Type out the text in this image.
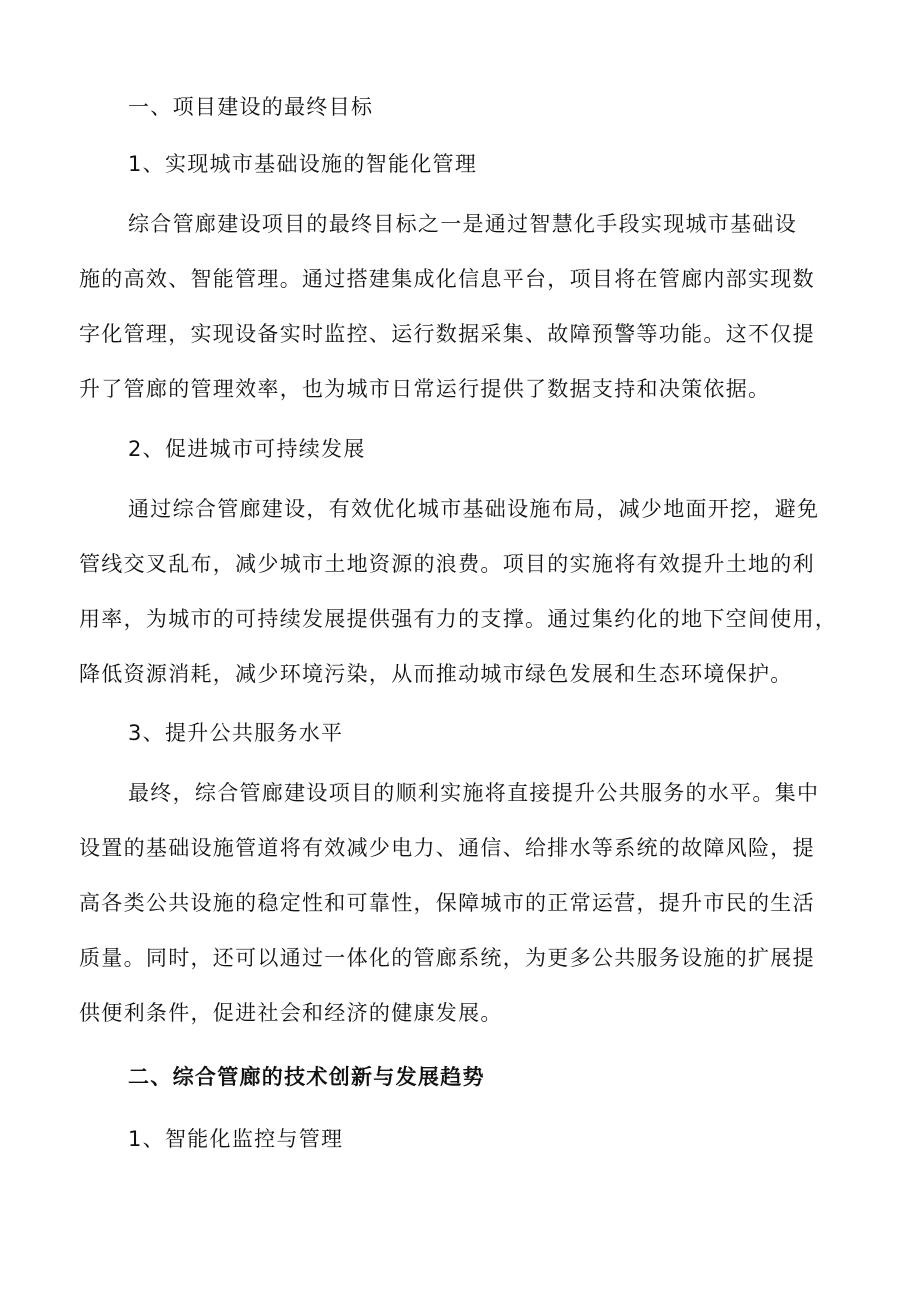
一、项目建设的最终目标
1、实现城市基础设施的智能化管理
综合管廊建设项目的最终目标之一是通过智慧化手段实现城市基础设
施的高效、智能管理。通过搭建集成化信息平台，项目将在管廊内部实现数
字化管理，实现设备实时监控、运行数据采集、故障预警等功能。这不仅提
升了管廊的管理效率，也为城市日常运行提供了数据支持和决策依据。
2、促进城市可持续发展
通过综合管廊建设，有效优化城市基础设施布局，减少地面开挖，避免
管线交叉乱布，减少城市土地资源的浪费。项目的实施将有效提升土地的利
用率，为城市的可持续发展提供强有力的支撑。通过集约化的地下空间使用，
降低资源消耗，减少环境污染，从而推动城市绿色发展和生态环境保护。
3、提升公共服务水平
最终，综合管廊建设项目的顺利实施将直接提升公共服务的水平。集中
设置的基础设施管道将有效减少电力、通信、给排水等系统的故障风险，提
高各类公共设施的稳定性和可靠性，保障城市的正常运营，提升市民的生活
质量。同时，还可以通过一体化的管廊系统，为更多公共服务设施的扩展提
供便利条件，促进社会和经济的健康发展。
二、综合管廊的技术创新与发展趋势
1、智能化监控与管理
